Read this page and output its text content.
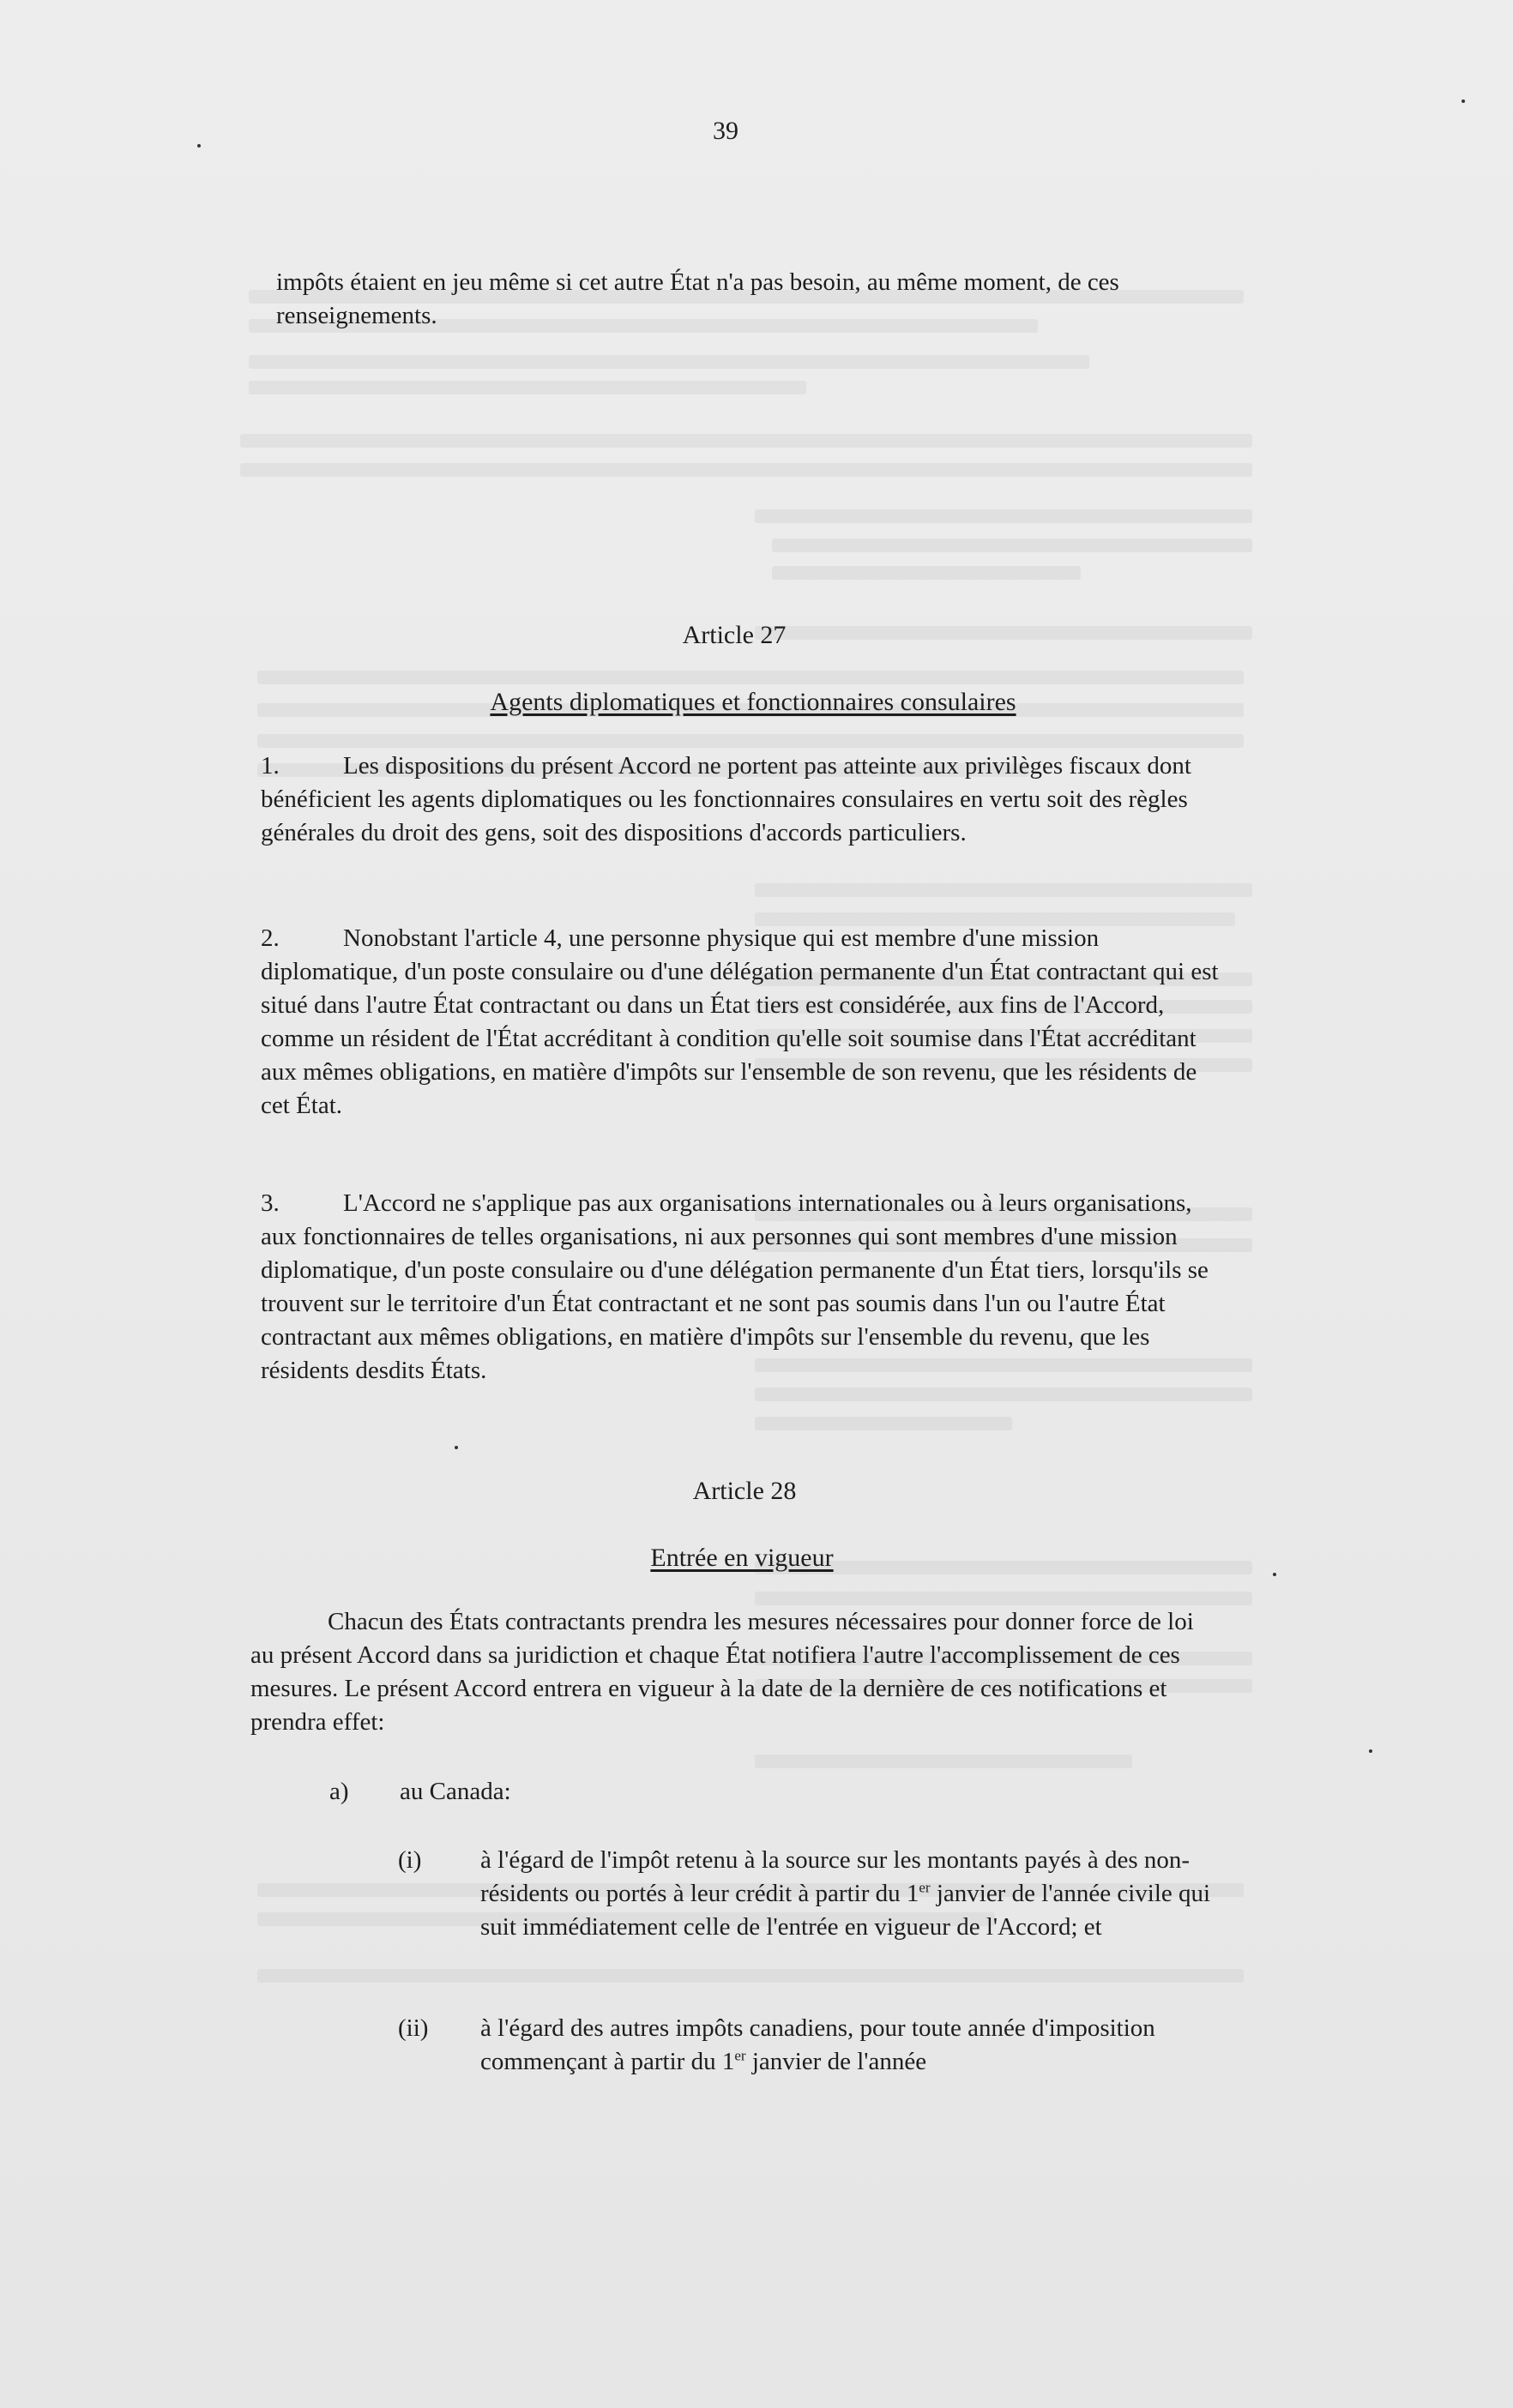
39

impôts étaient en jeu même si cet autre État n'a pas besoin, au même moment, de ces renseignements.

Article 27
Agents diplomatiques et fonctionnaires consulaires

1.	Les dispositions du présent Accord ne portent pas atteinte aux privilèges fiscaux dont bénéficient les agents diplomatiques ou les fonctionnaires consulaires en vertu soit des règles générales du droit des gens, soit des dispositions d'accords particuliers.

2.	Nonobstant l'article 4, une personne physique qui est membre d'une mission diplomatique, d'un poste consulaire ou d'une délégation permanente d'un État contractant qui est situé dans l'autre État contractant ou dans un État tiers est considérée, aux fins de l'Accord, comme un résident de l'État accréditant à condition qu'elle soit soumise dans l'État accréditant aux mêmes obligations, en matière d'impôts sur l'ensemble de son revenu, que les résidents de cet État.

3.	L'Accord ne s'applique pas aux organisations internationales ou à leurs organisations, aux fonctionnaires de telles organisations, ni aux personnes qui sont membres d'une mission diplomatique, d'un poste consulaire ou d'une délégation permanente d'un État tiers, lorsqu'ils se trouvent sur le territoire d'un État contractant et ne sont pas soumis dans l'un ou l'autre État contractant aux mêmes obligations, en matière d'impôts sur l'ensemble du revenu, que les résidents desdits États.

Article 28
Entrée en vigueur

Chacun des États contractants prendra les mesures nécessaires pour donner force de loi au présent Accord dans sa juridiction et chaque État notifiera l'autre l'accomplissement de ces mesures. Le présent Accord entrera en vigueur à la date de la dernière de ces notifications et prendra effet:

a) au Canada:
(i) à l'égard de l'impôt retenu à la source sur les montants payés à des non-résidents ou portés à leur crédit à partir du 1er janvier de l'année civile qui suit immédiatement celle de l'entrée en vigueur de l'Accord; et

(ii) à l'égard des autres impôts canadiens, pour toute année d'imposition commençant à partir du 1er janvier de l'année
